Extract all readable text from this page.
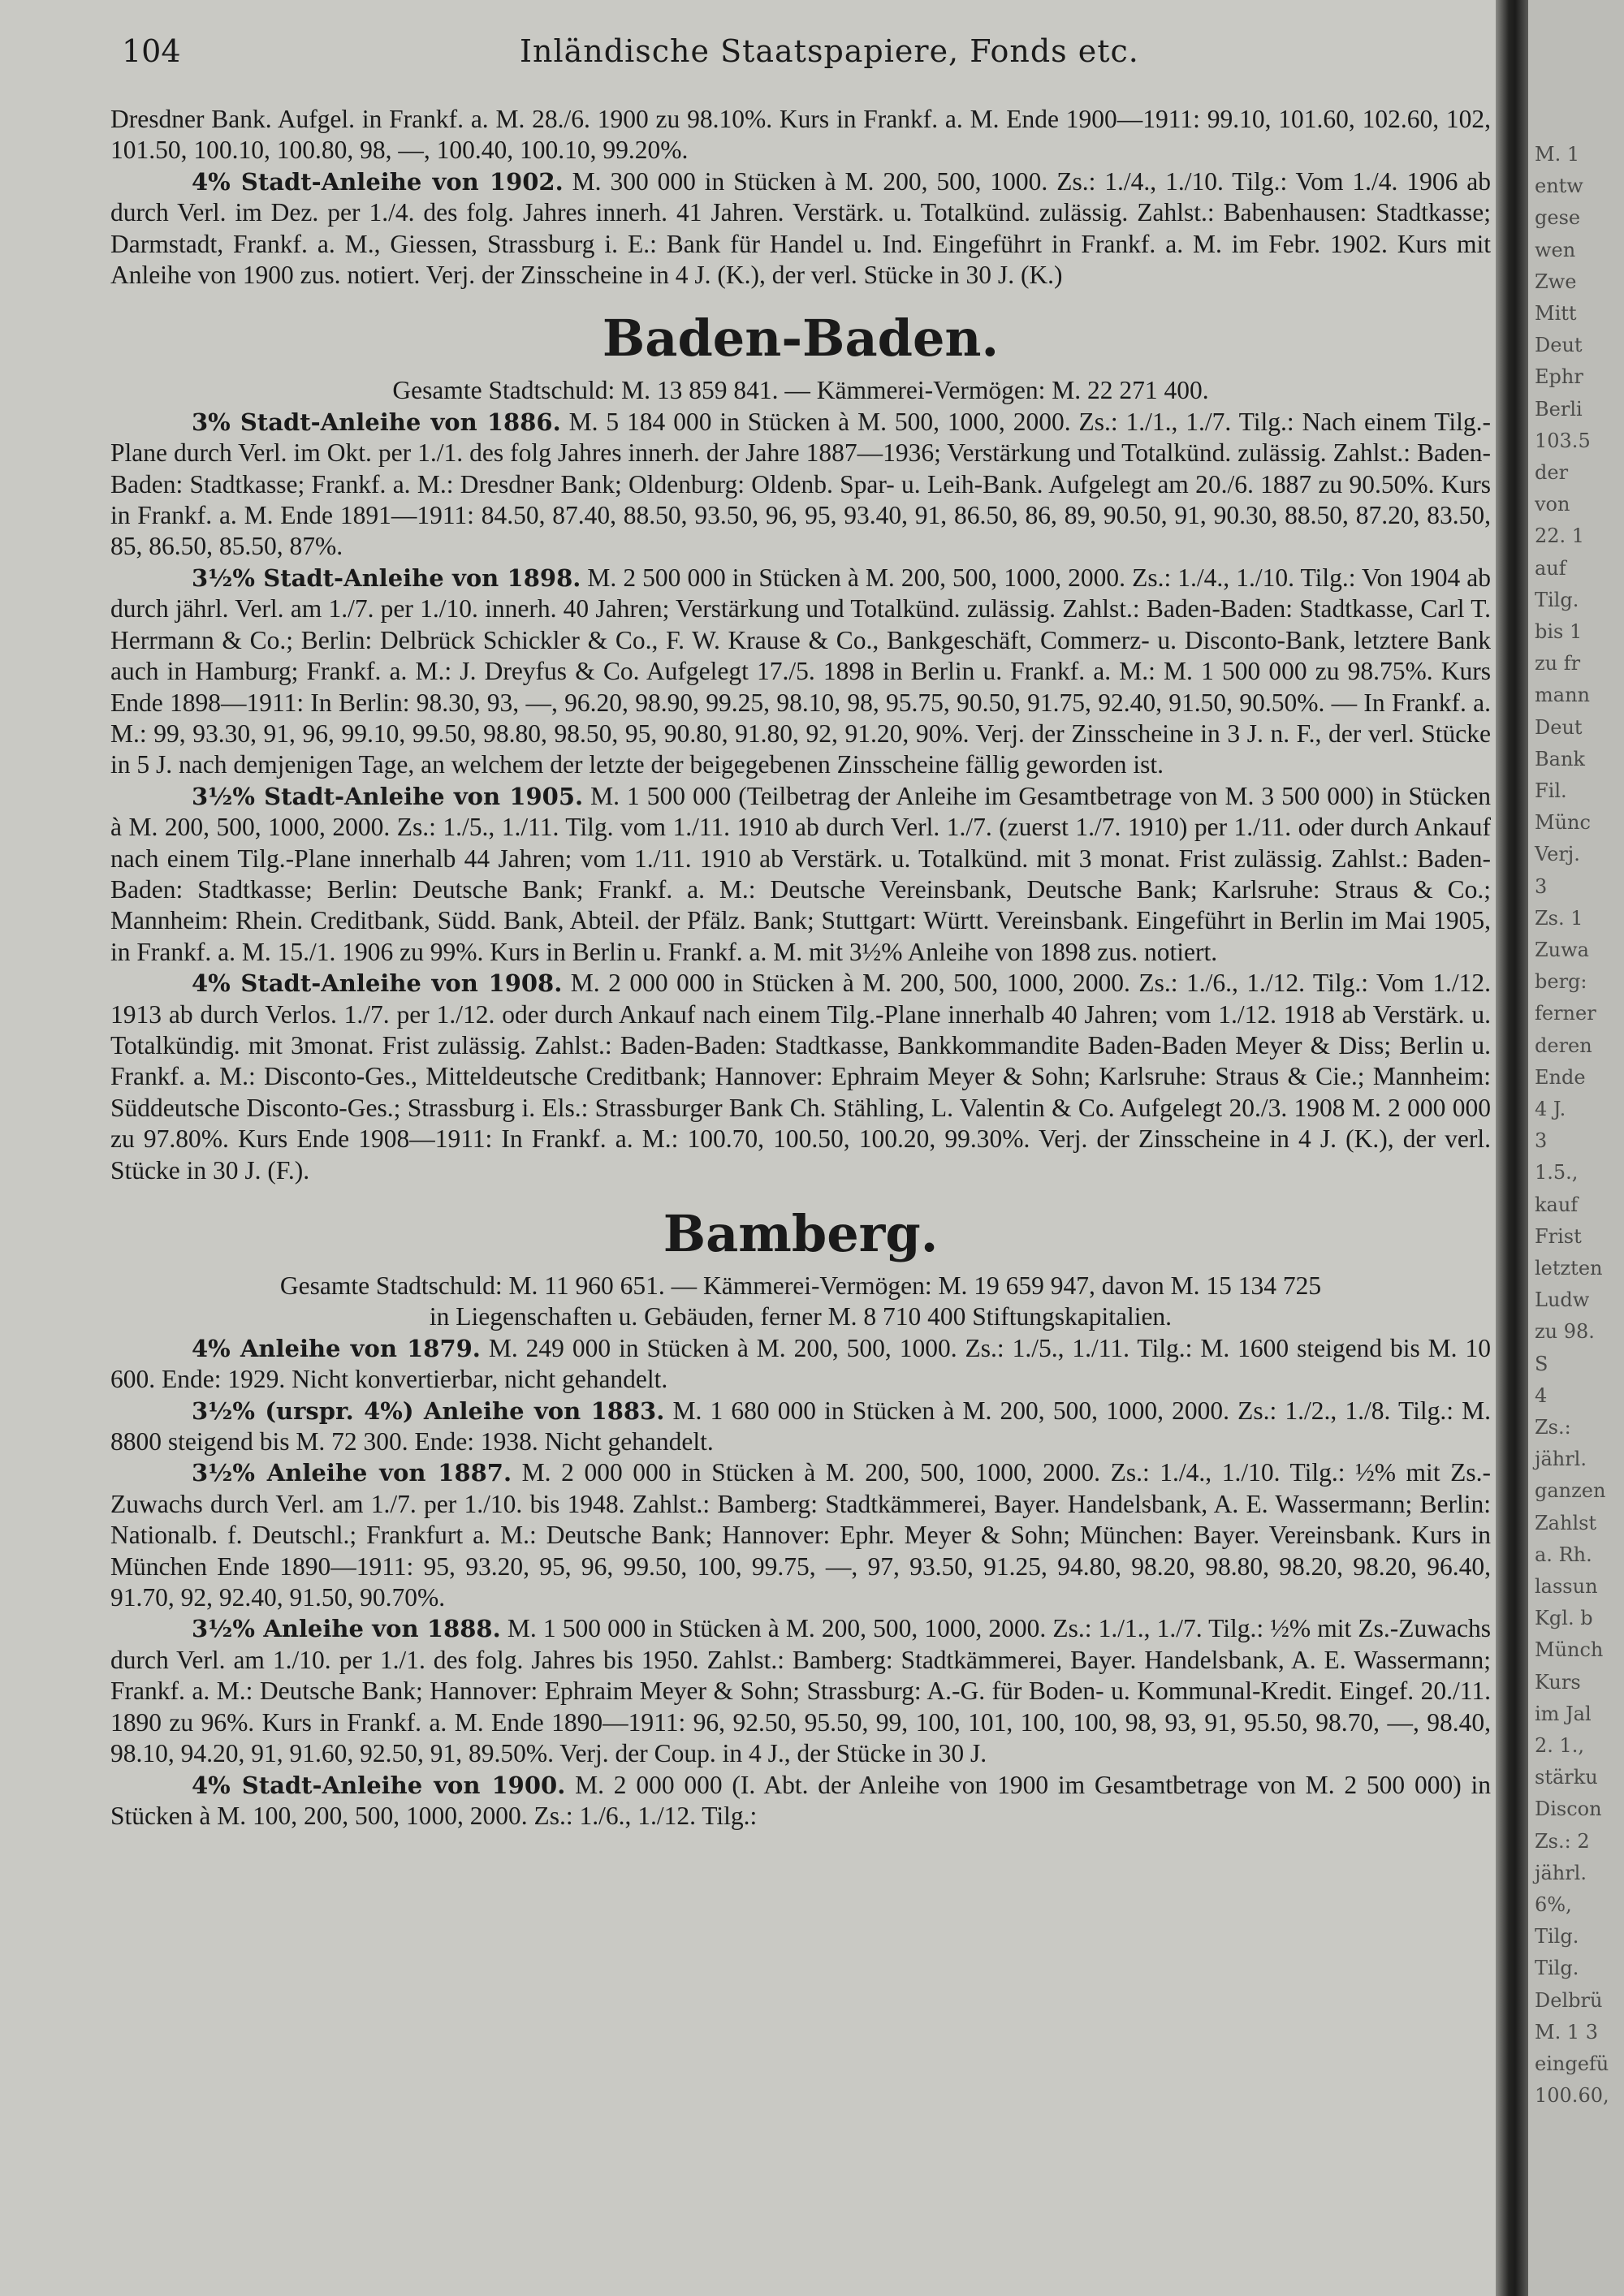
104	Inländische Staatspapiere, Fonds etc.

Dresdner Bank. Aufgel. in Frankf. a. M. 28./6. 1900 zu 98.10%. Kurs in Frankf. a. M. Ende 1900—1911: 99.10, 101.60, 102.60, 102, 101.50, 100.10, 100.80, 98, —, 100.40, 100.10, 99.20%.

4% Stadt-Anleihe von 1902. M. 300 000 in Stücken à M. 200, 500, 1000. Zs.: 1./4., 1./10. Tilg.: Vom 1./4. 1906 ab durch Verl. im Dez. per 1./4. des folg. Jahres innerh. 41 Jahren. Verstärk. u. Totalkünd. zulässig. Zahlst.: Babenhausen: Stadtkasse; Darmstadt, Frankf. a. M., Giessen, Strassburg i. E.: Bank für Handel u. Ind. Eingeführt in Frankf. a. M. im Febr. 1902. Kurs mit Anleihe von 1900 zus. notiert. Verj. der Zinsscheine in 4 J. (K.), der verl. Stücke in 30 J. (K.)

Baden-Baden.

Gesamte Stadtschuld: M. 13 859 841. — Kämmerei-Vermögen: M. 22 271 400.

3% Stadt-Anleihe von 1886. M. 5 184 000 in Stücken à M. 500, 1000, 2000. Zs.: 1./1., 1./7. Tilg.: Nach einem Tilg.-Plane durch Verl. im Okt. per 1./1. des folg Jahres innerh. der Jahre 1887—1936; Verstärkung und Totalkünd. zulässig. Zahlst.: Baden-Baden: Stadtkasse; Frankf. a. M.: Dresdner Bank; Oldenburg: Oldenb. Spar- u. Leih-Bank. Aufgelegt am 20./6. 1887 zu 90.50%. Kurs in Frankf. a. M. Ende 1891—1911: 84.50, 87.40, 88.50, 93.50, 96, 95, 93.40, 91, 86.50, 86, 89, 90.50, 91, 90.30, 88.50, 87.20, 83.50, 85, 86.50, 85.50, 87%.

3½% Stadt-Anleihe von 1898. M. 2 500 000 in Stücken à M. 200, 500, 1000, 2000. Zs.: 1./4., 1./10. Tilg.: Von 1904 ab durch jährl. Verl. am 1./7. per 1./10. innerh. 40 Jahren; Verstärkung und Totalkünd. zulässig. Zahlst.: Baden-Baden: Stadtkasse, Carl T. Herrmann & Co.; Berlin: Delbrück Schickler & Co., F. W. Krause & Co., Bankgeschäft, Commerz- u. Disconto-Bank, letztere Bank auch in Hamburg; Frankf. a. M.: J. Dreyfus & Co. Aufgelegt 17./5. 1898 in Berlin u. Frankf. a. M.: M. 1 500 000 zu 98.75%. Kurs Ende 1898—1911: In Berlin: 98.30, 93, —, 96.20, 98.90, 99.25, 98.10, 98, 95.75, 90.50, 91.75, 92.40, 91.50, 90.50%. — In Frankf. a. M.: 99, 93.30, 91, 96, 99.10, 99.50, 98.80, 98.50, 95, 90.80, 91.80, 92, 91.20, 90%. Verj. der Zinsscheine in 3 J. n. F., der verl. Stücke in 5 J. nach demjenigen Tage, an welchem der letzte der beigegebenen Zinsscheine fällig geworden ist.

3½% Stadt-Anleihe von 1905. M. 1 500 000 (Teilbetrag der Anleihe im Gesamtbetrage von M. 3 500 000) in Stücken à M. 200, 500, 1000, 2000. Zs.: 1./5., 1./11. Tilg. vom 1./11. 1910 ab durch Verl. 1./7. (zuerst 1./7. 1910) per 1./11. oder durch Ankauf nach einem Tilg.-Plane innerhalb 44 Jahren; vom 1./11. 1910 ab Verstärk. u. Totalkünd. mit 3 monat. Frist zulässig. Zahlst.: Baden-Baden: Stadtkasse; Berlin: Deutsche Bank; Frankf. a. M.: Deutsche Vereinsbank, Deutsche Bank; Karlsruhe: Straus & Co.; Mannheim: Rhein. Creditbank, Südd. Bank, Abteil. der Pfälz. Bank; Stuttgart: Württ. Vereinsbank. Eingeführt in Berlin im Mai 1905, in Frankf. a. M. 15./1. 1906 zu 99%. Kurs in Berlin u. Frankf. a. M. mit 3½% Anleihe von 1898 zus. notiert.

4% Stadt-Anleihe von 1908. M. 2 000 000 in Stücken à M. 200, 500, 1000, 2000. Zs.: 1./6., 1./12. Tilg.: Vom 1./12. 1913 ab durch Verlos. 1./7. per 1./12. oder durch Ankauf nach einem Tilg.-Plane innerhalb 40 Jahren; vom 1./12. 1918 ab Verstärk. u. Totalkündig. mit 3monat. Frist zulässig. Zahlst.: Baden-Baden: Stadtkasse, Bankkommandite Baden-Baden Meyer & Diss; Berlin u. Frankf. a. M.: Disconto-Ges., Mitteldeutsche Creditbank; Hannover: Ephraim Meyer & Sohn; Karlsruhe: Straus & Cie.; Mannheim: Süddeutsche Disconto-Ges.; Strassburg i. Els.: Strassburger Bank Ch. Stähling, L. Valentin & Co. Aufgelegt 20./3. 1908 M. 2 000 000 zu 97.80%. Kurs Ende 1908—1911: In Frankf. a. M.: 100.70, 100.50, 100.20, 99.30%. Verj. der Zinsscheine in 4 J. (K.), der verl. Stücke in 30 J. (F.).

Bamberg.

Gesamte Stadtschuld: M. 11 960 651. — Kämmerei-Vermögen: M. 19 659 947, davon M. 15 134 725

in Liegenschaften u. Gebäuden, ferner M. 8 710 400 Stiftungskapitalien.

4% Anleihe von 1879. M. 249 000 in Stücken à M. 200, 500, 1000. Zs.: 1./5., 1./11. Tilg.: M. 1600 steigend bis M. 10 600. Ende: 1929. Nicht konvertierbar, nicht gehandelt.

3½% (urspr. 4%) Anleihe von 1883. M. 1 680 000 in Stücken à M. 200, 500, 1000, 2000. Zs.: 1./2., 1./8. Tilg.: M. 8800 steigend bis M. 72 300. Ende: 1938. Nicht gehandelt.

3½% Anleihe von 1887. M. 2 000 000 in Stücken à M. 200, 500, 1000, 2000. Zs.: 1./4., 1./10. Tilg.: ½% mit Zs.-Zuwachs durch Verl. am 1./7. per 1./10. bis 1948. Zahlst.: Bamberg: Stadtkämmerei, Bayer. Handelsbank, A. E. Wassermann; Berlin: Nationalb. f. Deutschl.; Frankfurt a. M.: Deutsche Bank; Hannover: Ephr. Meyer & Sohn; München: Bayer. Vereinsbank. Kurs in München Ende 1890—1911: 95, 93.20, 95, 96, 99.50, 100, 99.75, —, 97, 93.50, 91.25, 94.80, 98.20, 98.80, 98.20, 98.20, 96.40, 91.70, 92, 92.40, 91.50, 90.70%.

3½% Anleihe von 1888. M. 1 500 000 in Stücken à M. 200, 500, 1000, 2000. Zs.: 1./1., 1./7. Tilg.: ½% mit Zs.-Zuwachs durch Verl. am 1./10. per 1./1. des folg. Jahres bis 1950. Zahlst.: Bamberg: Stadtkämmerei, Bayer. Handelsbank, A. E. Wassermann; Frankf. a. M.: Deutsche Bank; Hannover: Ephraim Meyer & Sohn; Strassburg: A.-G. für Boden- u. Kommunal-Kredit. Eingef. 20./11. 1890 zu 96%. Kurs in Frankf. a. M. Ende 1890—1911: 96, 92.50, 95.50, 99, 100, 101, 100, 100, 98, 93, 91, 95.50, 98.70, —, 98.40, 98.10, 94.20, 91, 91.60, 92.50, 91, 89.50%. Verj. der Coup. in 4 J., der Stücke in 30 J.

4% Stadt-Anleihe von 1900. M. 2 000 000 (I. Abt. der Anleihe von 1900 im Gesamtbetrage von M. 2 500 000) in Stücken à M. 100, 200, 500, 1000, 2000. Zs.: 1./6., 1./12. Tilg.:

M. 1
entw
gese
wen
Zwe
Mitt
Deut
Ephr
Berli
103.5
der
von
22. 1
auf
Tilg.
bis 1
zu fr
mann
Deut
Bank
Fil.
Münc
Verj.
3
Zs. 1
Zuwa
berg:
ferner
deren
Ende
4 J.
3
1.5.,
kauf
Frist
letzten
Ludw
zu 98.
S
4
Zs.:
jährl.
ganzen
Zahlst
a. Rh.
lassun
Kgl. b
Münch
Kurs
im Jal
2. 1.,
stärku
Discon
Zs.: 2
jährl.
6%,
Tilg.
Tilg.
Delbrü
M. 1 3
eingefü
100.60,
